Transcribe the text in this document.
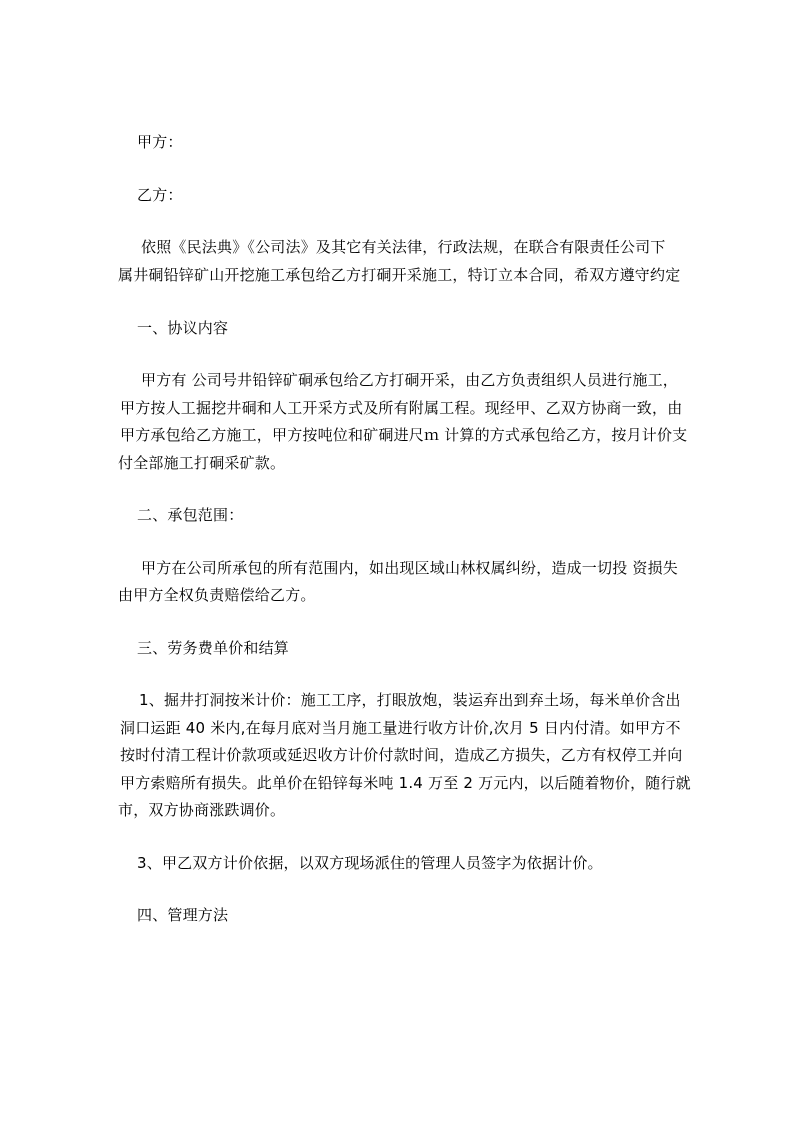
甲方：
乙方：
依照《民法典》《公司法》及其它有关法律，行政法规，在联合有限责任公司下
属井硐铅锌矿山开挖施工承包给乙方打硐开采施工，特订立本合同，希双方遵守约定
一、协议内容
甲方有 公司号井铅锌矿硐承包给乙方打硐开采，由乙方负责组织人员进行施工，
甲方按人工掘挖井硐和人工开采方式及所有附属工程。现经甲、乙双方协商一致，由
甲方承包给乙方施工，甲方按吨位和矿硐进尺ｍ 计算的方式承包给乙方，按月计价支
付全部施工打硐采矿款。
二、承包范围：
甲方在公司所承包的所有范围内，如出现区域山林权属纠纷，造成一切投 资损失
由甲方全权负责赔偿给乙方。
三、劳务费单价和结算
1、掘井打洞按米计价：施工工序，打眼放炮，装运弃出到弃土场，每米单价含出
洞口运距 40 米内,在每月底对当月施工量进行收方计价,次月 5 日内付清。如甲方不
按时付清工程计价款项或延迟收方计价付款时间，造成乙方损失，乙方有权停工并向
甲方索赔所有损失。此单价在铅锌每米吨 1.4 万至 2 万元内，以后随着物价，随行就
市，双方协商涨跌调价。
3、甲乙双方计价依据，以双方现场派住的管理人员签字为依据计价。
四、管理方法
